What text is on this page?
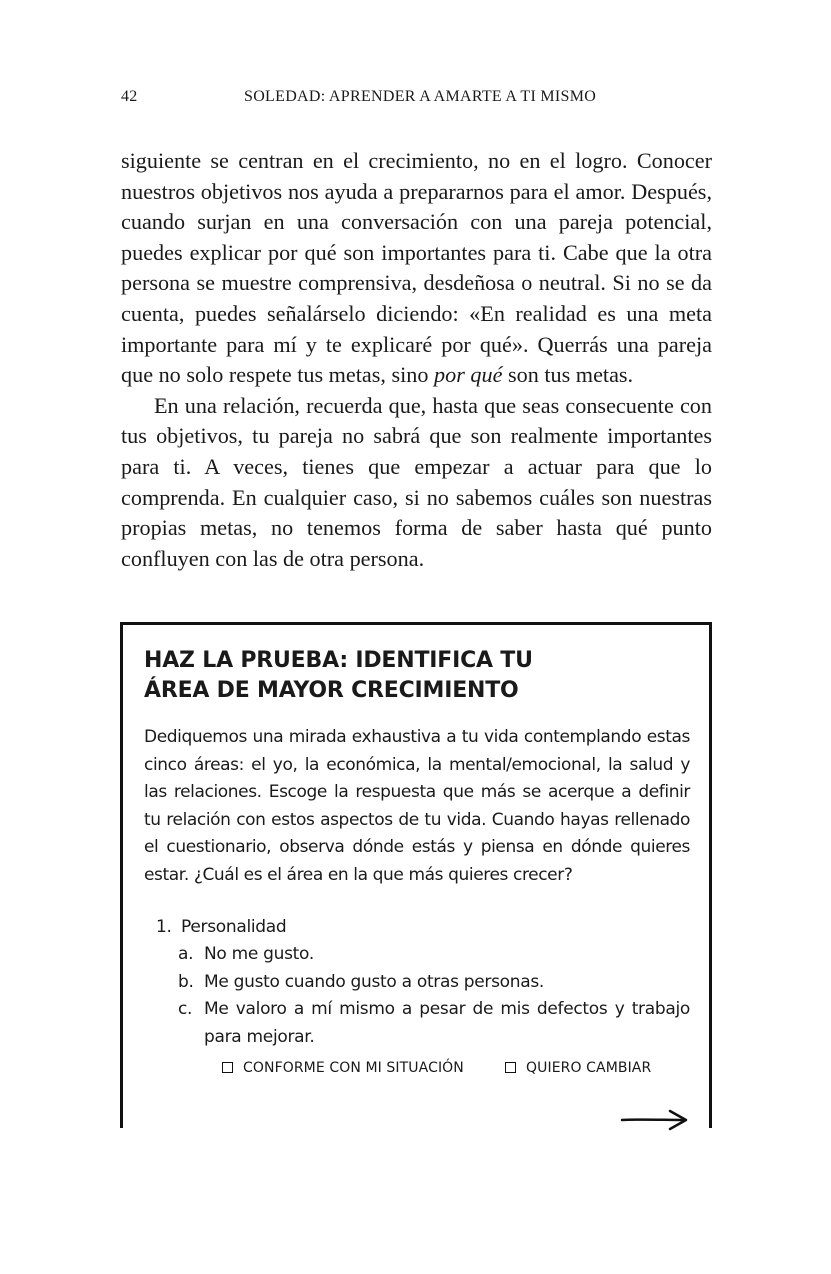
42	SOLEDAD: APRENDER A AMARTE A TI MISMO

siguiente se centran en el crecimiento, no en el logro. Conocer nuestros objetivos nos ayuda a prepararnos para el amor. Después, cuando surjan en una conversación con una pareja potencial, puedes explicar por qué son importantes para ti. Cabe que la otra persona se muestre comprensiva, desdeñosa o neutral. Si no se da cuenta, puedes señalárselo diciendo: «En realidad es una meta importante para mí y te explicaré por qué». Querrás una pareja que no solo respete tus metas, sino por qué son tus metas.

En una relación, recuerda que, hasta que seas consecuente con tus objetivos, tu pareja no sabrá que son realmente importantes para ti. A veces, tienes que empezar a actuar para que lo comprenda. En cualquier caso, si no sabemos cuáles son nuestras propias metas, no tenemos forma de saber hasta qué punto confluyen con las de otra persona.

HAZ LA PRUEBA: IDENTIFICA TU ÁREA DE MAYOR CRECIMIENTO

Dediquemos una mirada exhaustiva a tu vida contemplando estas cinco áreas: el yo, la económica, la mental/emocional, la salud y las relaciones. Escoge la respuesta que más se acerque a definir tu relación con estos aspectos de tu vida. Cuando hayas rellenado el cuestionario, observa dónde estás y piensa en dónde quieres estar. ¿Cuál es el área en la que más quieres crecer?

1. Personalidad
a. No me gusto.
b. Me gusto cuando gusto a otras personas.
c. Me valoro a mí mismo a pesar de mis defectos y trabajo para mejorar.
CONFORME CON MI SITUACIÓN	QUIERO CAMBIAR
